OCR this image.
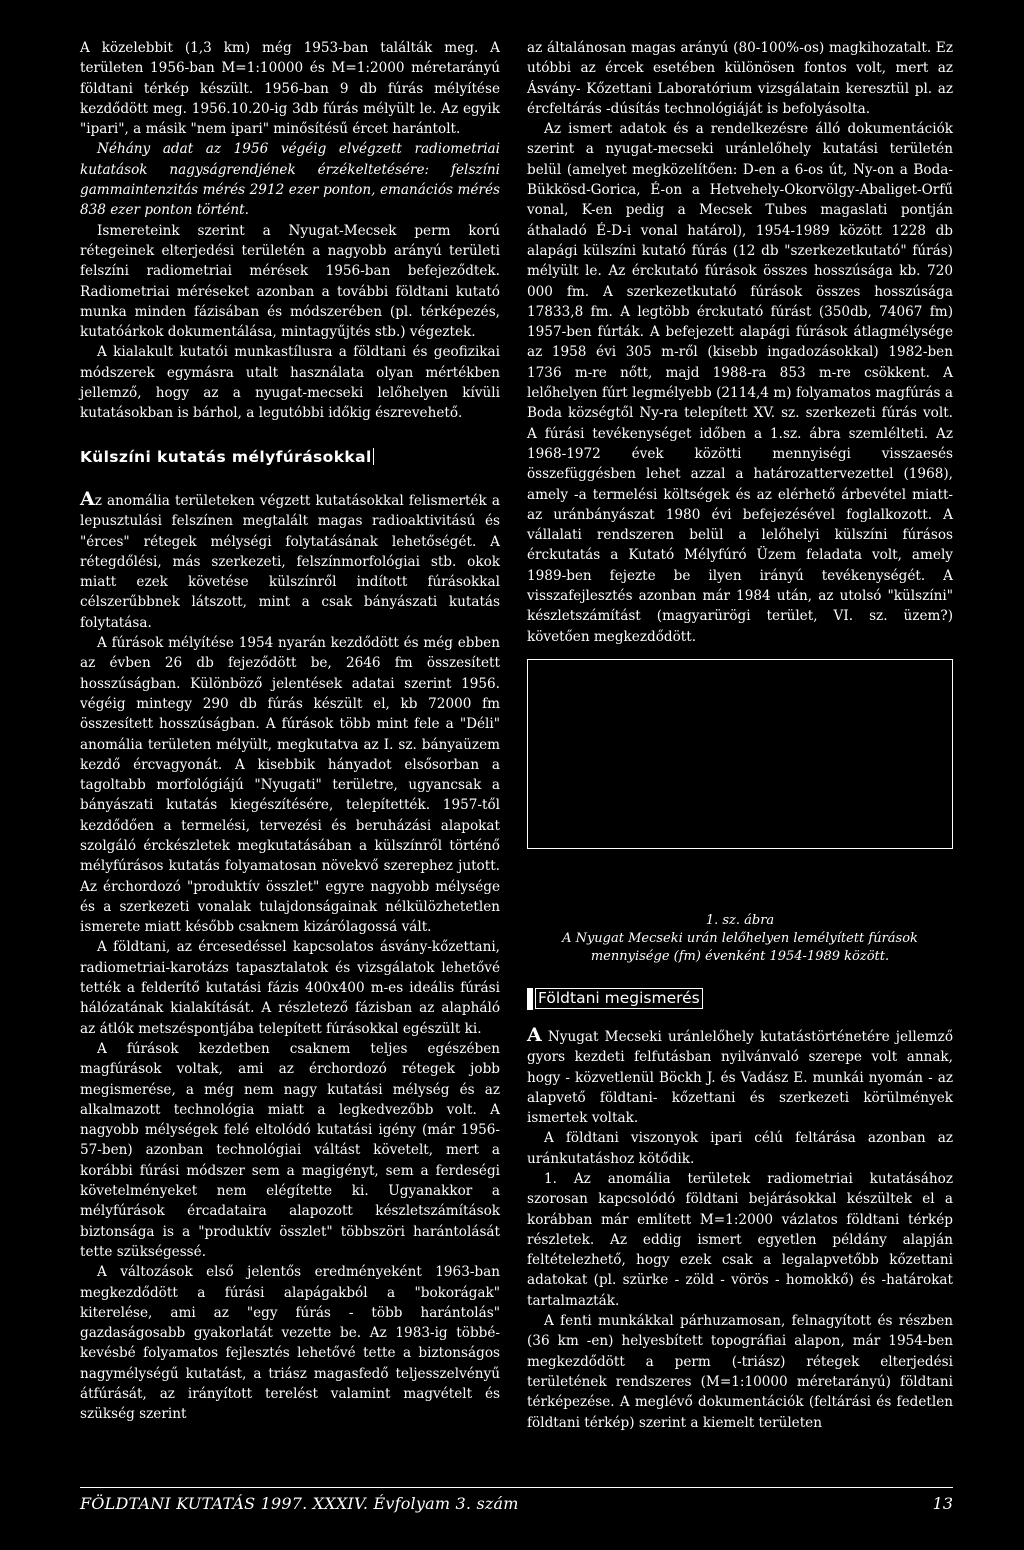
A közelebbit (1,3 km) még 1953-ban találták meg. A területen 1956-ban M=1:10000 és M=1:2000 méretarányú földtani térkép készült. 1956-ban 9 db fúrás mélyítése kezdődött meg. 1956.10.20-ig 3db fúrás mélyült le. Az egyik "ipari", a másik "nem ipari" minősítésű ércet harántolt.

Néhány adat az 1956 végéig elvégzett radiometriai kutatások nagyságrendjének érzékeltetésére: felszíni gammaintenzitás mérés 2912 ezer ponton, emanációs mérés 838 ezer ponton történt.

Ismereteink szerint a Nyugat-Mecsek perm korú rétegeinek elterjedési területén a nagyobb arányú területi felszíni radiometriai mérések 1956-ban befejeződtek. Radiometriai méréseket azonban a további földtani kutató munka minden fázisában és módszerében (pl. térképezés, kutatóárkok dokumentálása, mintagyűjtés stb.) végeztek.

A kialakult kutatói munkastílusra a földtani és geofizikai módszerek egymásra utalt használata olyan mértékben jellemző, hogy az a nyugat-mecseki lelőhelyen kívüli kutatásokban is bárhol, a legutóbbi időkig észrevehető.

Külszíni kutatás mélyfúrásokkal

Az anomália területeken végzett kutatásokkal felismerték a lepusztulási felszínen megtalált magas radioaktivitású és "érces" rétegek mélységi folytatásának lehetőségét. A rétegdőlési, más szerkezeti, felszínmorfológiai stb. okok miatt ezek követése külszínről indított fúrásokkal célszerűbbnek látszott, mint a csak bányászati kutatás folytatása.

A fúrások mélyítése 1954 nyarán kezdődött és még ebben az évben 26 db fejeződött be, 2646 fm összesített hosszúságban. Különböző jelentések adatai szerint 1956. végéig mintegy 290 db fúrás készült el, kb 72000 fm összesített hosszúságban. A fúrások több mint fele a "Déli" anomália területen mélyült, megkutatva az I. sz. bányaüzem kezdő ércvagyonát. A kisebbik hányadot elsősorban a tagoltabb morfológiájú "Nyugati" területre, ugyancsak a bányászati kutatás kiegészítésére, telepítették. 1957-től kezdődően a termelési, tervezési és beruházási alapokat szolgáló érckészletek megkutatásában a külszínről történő mélyfúrásos kutatás folyamatosan növekvő szerephez jutott. Az érchordozó "produktív összlet" egyre nagyobb mélysége és a szerkezeti vonalak tulajdonságainak nélkülözhetetlen ismerete miatt később csaknem kizárólagossá vált.

A földtani, az ércesedéssel kapcsolatos ásvány-kőzettani, radiometriai-karotázs tapasztalatok és vizsgálatok lehetővé tették a felderítő kutatási fázis 400x400 m-es ideális fúrási hálózatának kialakítását. A részletező fázisban az alapháló az átlók metszéspontjába telepített fúrásokkal egészült ki.

A fúrások kezdetben csaknem teljes egészében magfúrások voltak, ami az érchordozó rétegek jobb megismerése, a még nem nagy kutatási mélység és az alkalmazott technológia miatt a legkedvezőbb volt. A nagyobb mélységek felé eltolódó kutatási igény (már 1956-57-ben) azonban technológiai váltást követelt, mert a korábbi fúrási módszer sem a magigényt, sem a ferdeségi követelményeket nem elégítette ki. Ugyanakkor a mélyfúrások ércadataira alapozott készletszámítások biztonsága is a "produktív összlet" többszöri harántolását tette szükségessé.

A változások első jelentős eredményeként 1963-ban megkezdődött a fúrási alapágakból a "bokorágak" kiterelése, ami az "egy fúrás - több harántolás" gazdaságosabb gyakorlatát vezette be. Az 1983-ig többé-kevésbé folyamatos fejlesztés lehetővé tette a biztonságos nagymélységű kutatást, a triász magasfedő teljesszelvényű átfúrását, az irányított terelést valamint magvételt és szükség szerint

az általánosan magas arányú (80-100%-os) magkihozatalt. Ez utóbbi az ércek esetében különösen fontos volt, mert az Ásvány- Kőzettani Laboratórium vizsgálatain keresztül pl. az ércfeltárás -dúsítás technológiáját is befolyásolta.

Az ismert adatok és a rendelkezésre álló dokumentációk szerint a nyugat-mecseki uránlelőhely kutatási területén belül (amelyet megközelítően: D-en a 6-os út, Ny-on a Boda-Bükkösd-Gorica, É-on a Hetvehely-Okorvölgy-Abaliget-Orfű vonal, K-en pedig a Mecsek Tubes magaslati pontján áthaladó É-D-i vonal határol), 1954-1989 között 1228 db alapági külszíni kutató fúrás (12 db "szerkezetkutató" fúrás) mélyült le. Az érckutató fúrások összes hosszúsága kb. 720 000 fm. A szerkezetkutató fúrások összes hosszúsága 17833,8 fm. A legtöbb érckutató fúrást (350db, 74067 fm) 1957-ben fúrták. A befejezett alapági fúrások átlagmélysége az 1958 évi 305 m-ről (kisebb ingadozásokkal) 1982-ben 1736 m-re nőtt, majd 1988-ra 853 m-re csökkent. A lelőhelyen fúrt legmélyebb (2114,4 m) folyamatos magfúrás a Boda községtől Ny-ra telepített XV. sz. szerkezeti fúrás volt. A fúrási tevékenységet időben a 1.sz. ábra szemlélteti. Az 1968-1972 évek közötti mennyiségi visszaesés összefüggésben lehet azzal a határozattervezettel (1968), amely -a termelési költségek és az elérhető árbevétel miatt- az uránbányászat 1980 évi befejezésével foglalkozott. A vállalati rendszeren belül a lelőhelyi külszíni fúrásos érckutatás a Kutató Mélyfúró Üzem feladata volt, amely 1989-ben fejezte be ilyen irányú tevékenységét. A visszafejlesztés azonban már 1984 után, az utolsó "külszíni" készletszámítást (magyarürögi terület, VI. sz. üzem?) követően megkezdődött.

1. sz. ábra
A Nyugat Mecseki urán lelőhelyen lemélyített fúrások mennyisége (fm) évenként 1954-1989 között.
Földtani megismerés

A Nyugat Mecseki uránlelőhely kutatástörténetére jellemző gyors kezdeti felfutásban nyilvánvaló szerepe volt annak, hogy - közvetlenül Böckh J. és Vadász E. munkái nyomán - az alapvető földtani- kőzettani és szerkezeti körülmények ismertek voltak.

A földtani viszonyok ipari célú feltárása azonban az uránkutatáshoz kötődik.

1. Az anomália területek radiometriai kutatásához szorosan kapcsolódó földtani bejárásokkal készültek el a korábban már említett M=1:2000 vázlatos földtani térkép részletek. Az eddig ismert egyetlen példány alapján feltételezhető, hogy ezek csak a legalapvetőbb kőzettani adatokat (pl. szürke - zöld - vörös - homokkő) és -határokat tartalmazták.

A fenti munkákkal párhuzamosan, felnagyított és részben (36 km -en) helyesbített topográfiai alapon, már 1954-ben megkezdődött a perm (-triász) rétegek elterjedési területének rendszeres (M=1:10000 méretarányú) földtani térképezése. A meglévő dokumentációk (feltárási és fedetlen földtani térkép) szerint a kiemelt területen

FÖLDTANI KUTATÁS 1997. XXXIV. Évfolyam 3. szám	13
